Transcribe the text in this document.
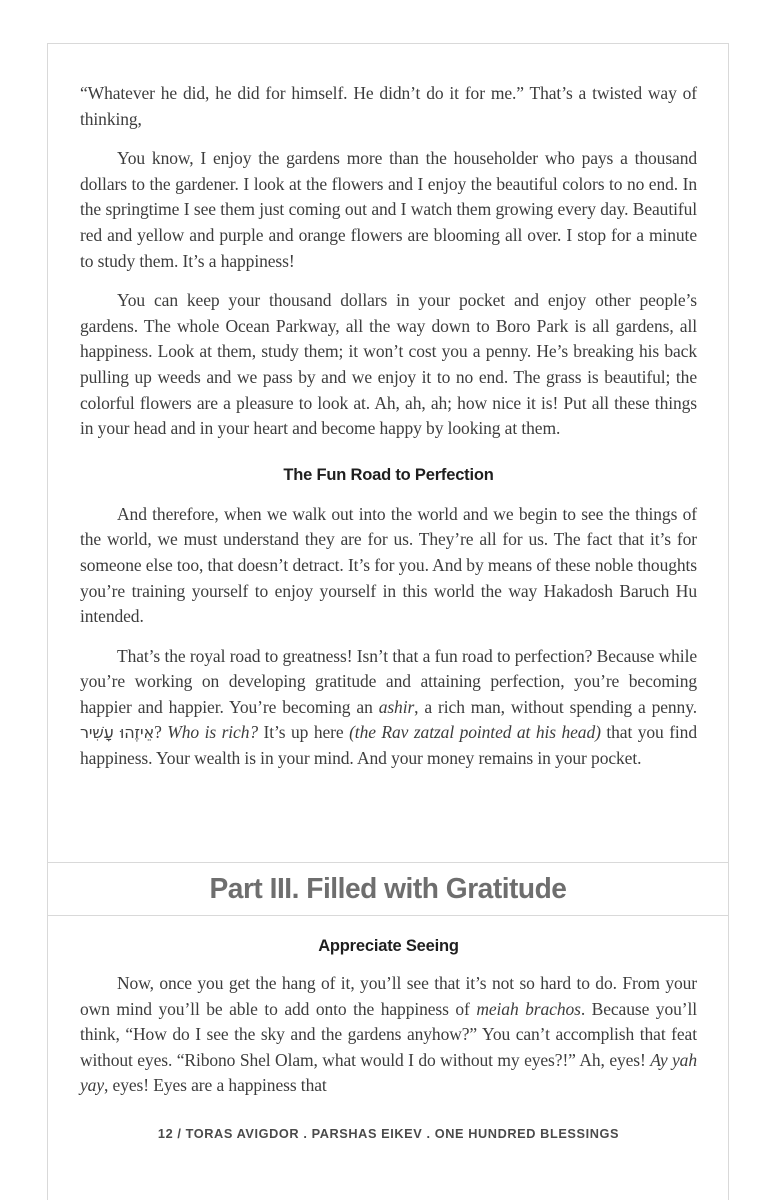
“Whatever he did, he did for himself. He didn’t do it for me.” That’s a twisted way of thinking,

You know, I enjoy the gardens more than the householder who pays a thousand dollars to the gardener. I look at the flowers and I enjoy the beautiful colors to no end. In the springtime I see them just coming out and I watch them growing every day. Beautiful red and yellow and purple and orange flowers are blooming all over. I stop for a minute to study them. It’s a happiness!

You can keep your thousand dollars in your pocket and enjoy other people’s gardens. The whole Ocean Parkway, all the way down to Boro Park is all gardens, all happiness. Look at them, study them; it won’t cost you a penny. He’s breaking his back pulling up weeds and we pass by and we enjoy it to no end. The grass is beautiful; the colorful flowers are a pleasure to look at. Ah, ah, ah; how nice it is! Put all these things in your head and in your heart and become happy by looking at them.

The Fun Road to Perfection

And therefore, when we walk out into the world and we begin to see the things of the world, we must understand they are for us. They’re all for us. The fact that it’s for someone else too, that doesn’t detract. It’s for you. And by means of these noble thoughts you’re training yourself to enjoy yourself in this world the way Hakadosh Baruch Hu intended.

That’s the royal road to greatness! Isn’t that a fun road to perfection? Because while you’re working on developing gratitude and attaining perfection, you’re becoming happier and happier. You’re becoming an ashir, a rich man, without spending a penny. אֵיזֶהוּ עָשִׁיר? Who is rich? It’s up here (the Rav zatzal pointed at his head) that you find happiness. Your wealth is in your mind. And your money remains in your pocket.

Part III. Filled with Gratitude
Appreciate Seeing

Now, once you get the hang of it, you’ll see that it’s not so hard to do. From your own mind you’ll be able to add onto the happiness of meiah brachos. Because you’ll think, “How do I see the sky and the gardens anyhow?” You can’t accomplish that feat without eyes. “Ribono Shel Olam, what would I do without my eyes?!” Ah, eyes! Ay yah yay, eyes! Eyes are a happiness that

12 / TORAS AVIGDOR . PARSHAS EIKEV . ONE HUNDRED BLESSINGS
